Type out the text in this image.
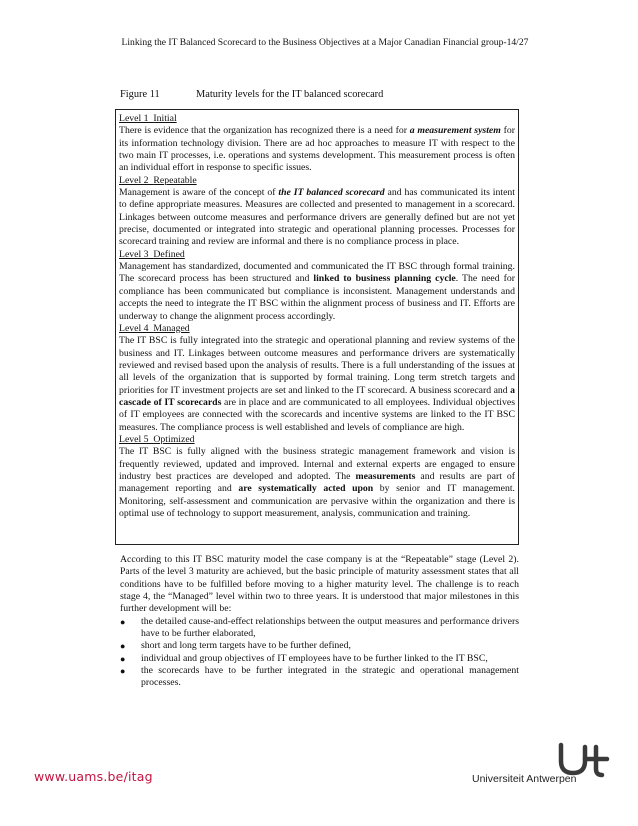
Linking the IT Balanced Scorecard to the Business Objectives at a Major Canadian Financial group-14/27
Figure 11	Maturity levels for the IT balanced scorecard

Level 1 Initial

There is evidence that the organization has recognized there is a need for a measurement system for its information technology division. There are ad hoc approaches to measure IT with respect to the two main IT processes, i.e. operations and systems development. This measurement process is often an individual effort in response to specific issues.

Level 2 Repeatable

Management is aware of the concept of the IT balanced scorecard and has communicated its intent to define appropriate measures. Measures are collected and presented to management in a scorecard. Linkages between outcome measures and performance drivers are generally defined but are not yet precise, documented or integrated into strategic and operational planning processes. Processes for scorecard training and review are informal and there is no compliance process in place.

Level 3 Defined

Management has standardized, documented and communicated the IT BSC through formal training. The scorecard process has been structured and linked to business planning cycle. The need for compliance has been communicated but compliance is inconsistent. Management understands and accepts the need to integrate the IT BSC within the alignment process of business and IT. Efforts are underway to change the alignment process accordingly.

Level 4 Managed

The IT BSC is fully integrated into the strategic and operational planning and review systems of the business and IT. Linkages between outcome measures and performance drivers are systematically reviewed and revised based upon the analysis of results. There is a full understanding of the issues at all levels of the organization that is supported by formal training. Long term stretch targets and priorities for IT investment projects are set and linked to the IT scorecard. A business scorecard and a cascade of IT scorecards are in place and are communicated to all employees. Individual objectives of IT employees are connected with the scorecards and incentive systems are linked to the IT BSC measures. The compliance process is well established and levels of compliance are high.

Level 5 Optimized

The IT BSC is fully aligned with the business strategic management framework and vision is frequently reviewed, updated and improved. Internal and external experts are engaged to ensure industry best practices are developed and adopted. The measurements and results are part of management reporting and are systematically acted upon by senior and IT management. Monitoring, self-assessment and communication are pervasive within the organization and there is optimal use of technology to support measurement, analysis, communication and training.

According to this IT BSC maturity model the case company is at the “Repeatable” stage (Level 2). Parts of the level 3 maturity are achieved, but the basic principle of maturity assessment states that all conditions have to be fulfilled before moving to a higher maturity level. The challenge is to reach stage 4, the “Managed” level within two to three years. It is understood that major milestones in this further development will be:

● the detailed cause-and-effect relationships between the output measures and performance drivers have to be further elaborated,
● short and long term targets have to be further defined,
● individual and group objectives of IT employees have to be further linked to the IT BSC,
● the scorecards have to be further integrated in the strategic and operational management processes.
www.uams.be/itag	Universiteit Antwerpen
